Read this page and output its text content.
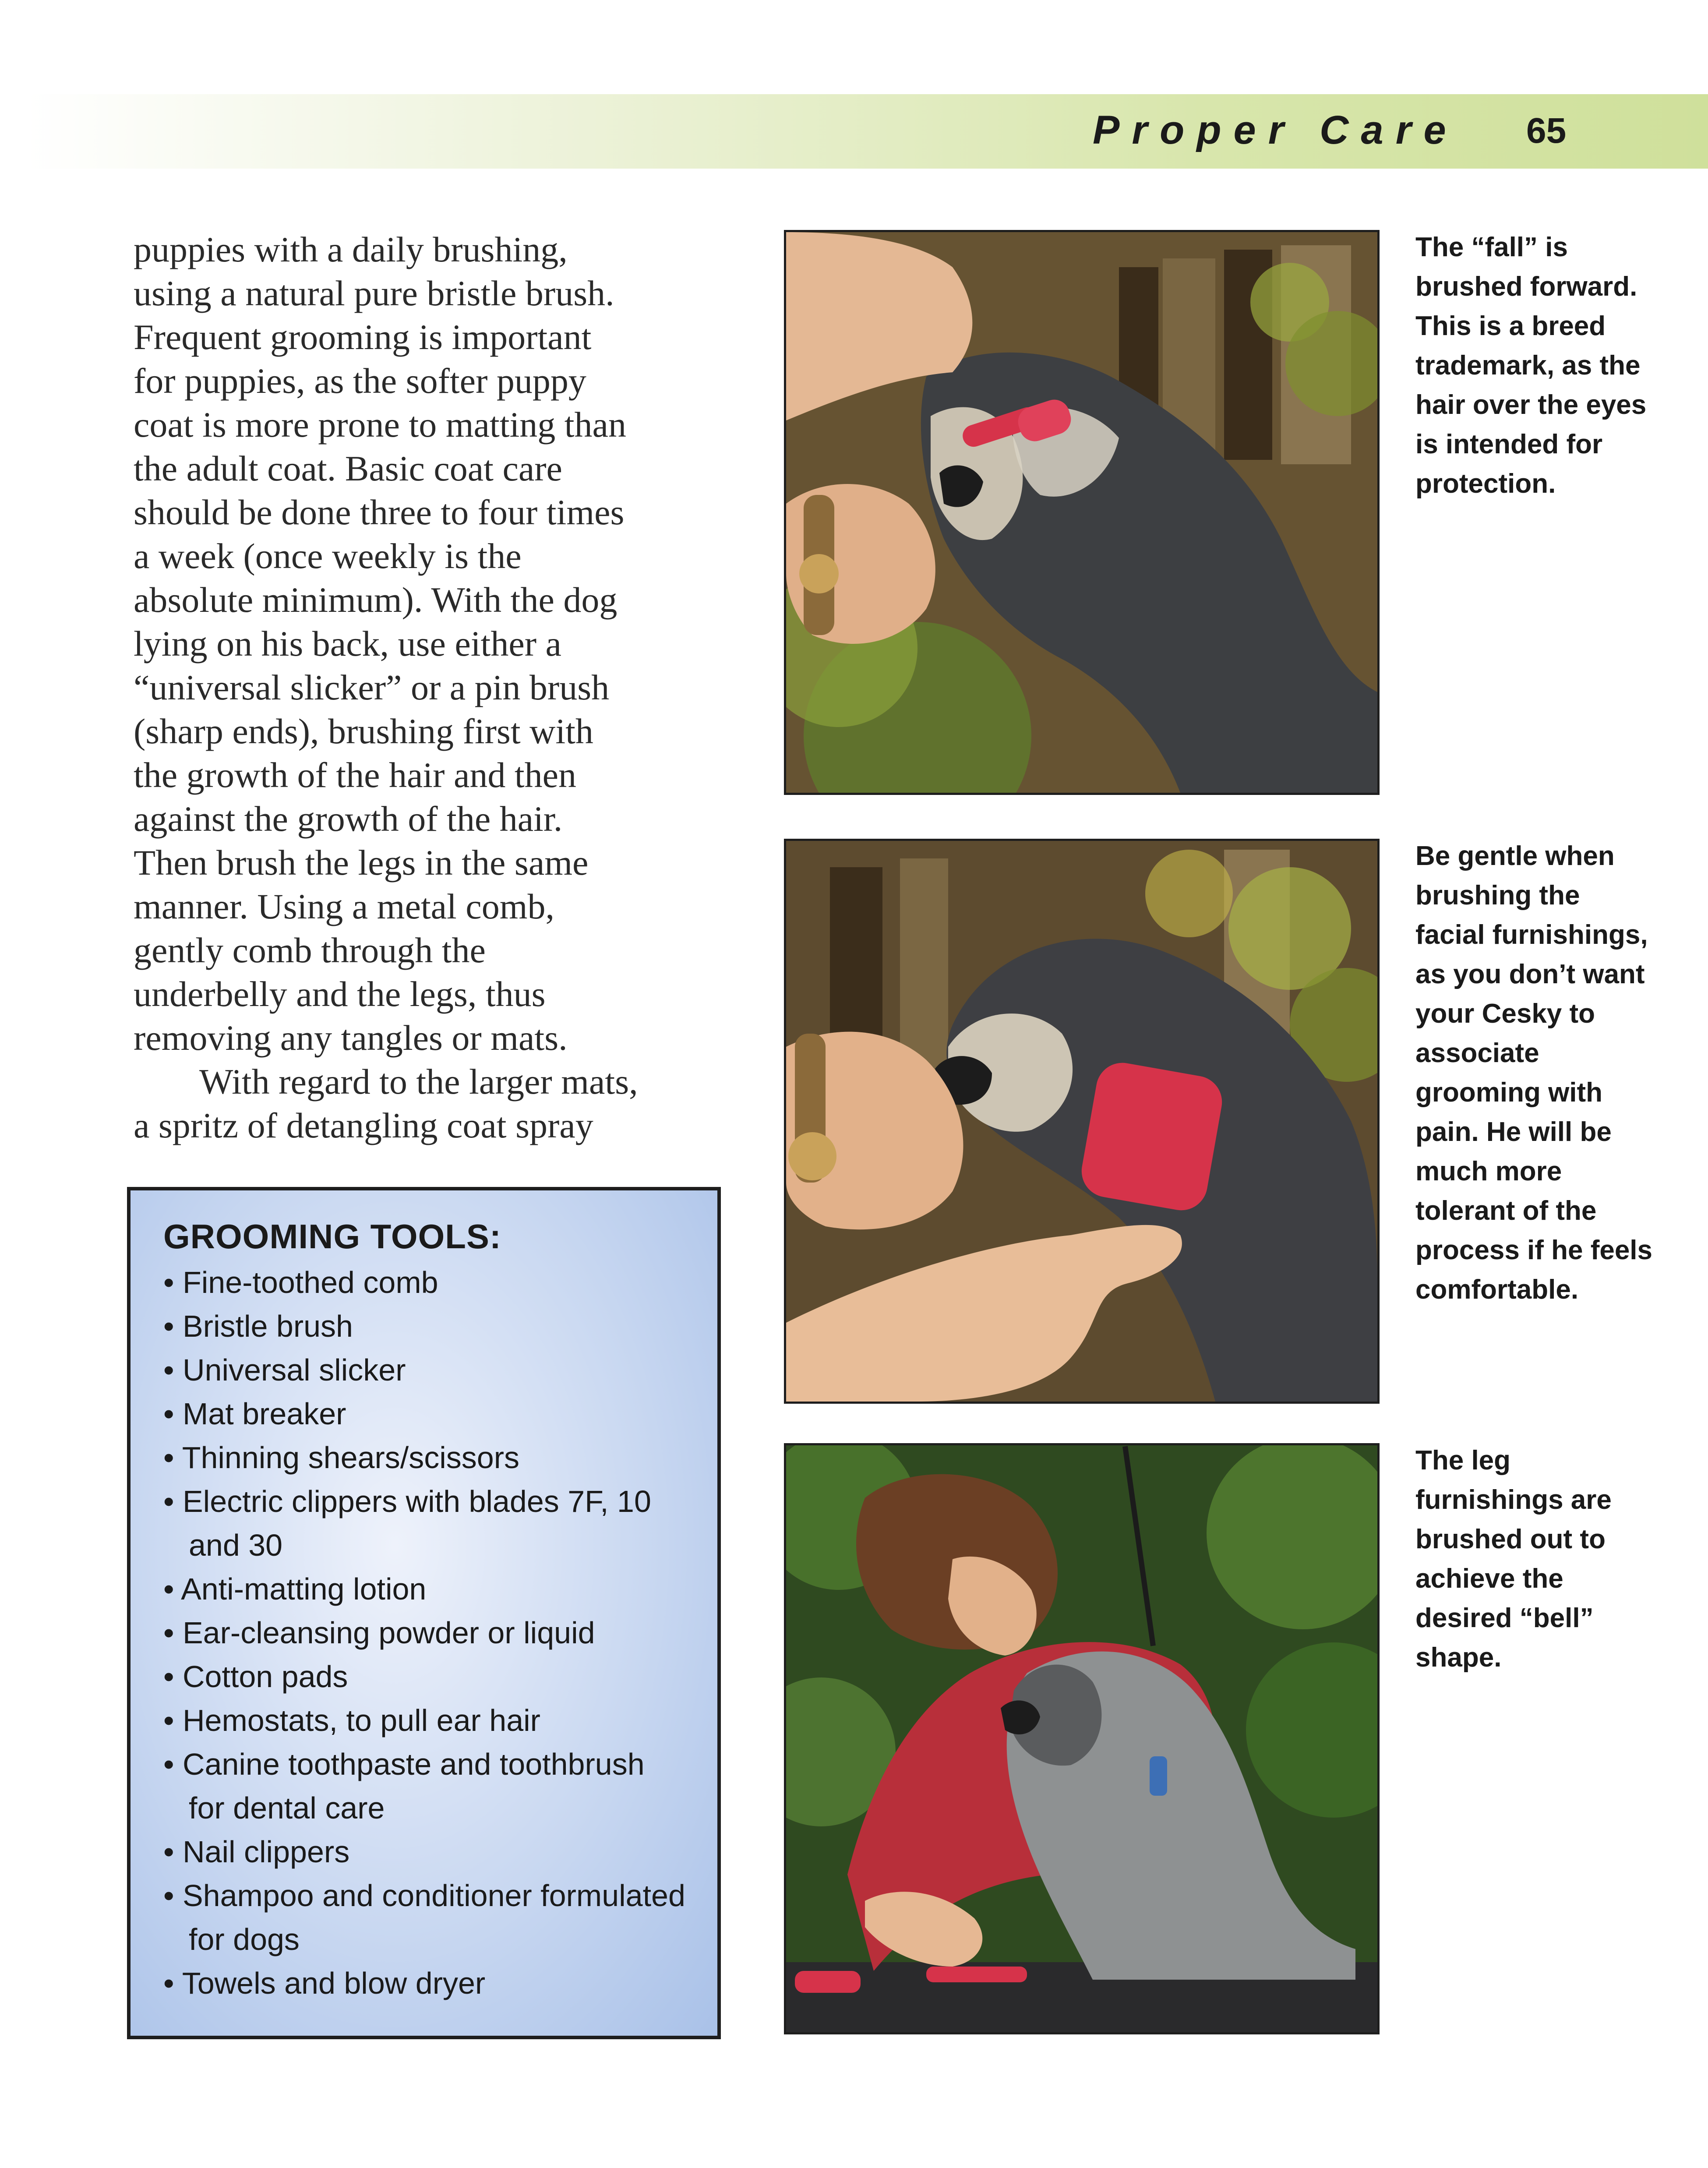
Proper Care 65
puppies with a daily brushing,
using a natural pure bristle brush.
Frequent grooming is important
for puppies, as the softer puppy
coat is more prone to matting than
the adult coat. Basic coat care
should be done three to four times
a week (once weekly is the
absolute minimum). With the dog
lying on his back, use either a
“universal slicker” or a pin brush
(sharp ends), brushing first with
the growth of the hair and then
against the growth of the hair.
Then brush the legs in the same
manner. Using a metal comb,
gently comb through the
underbelly and the legs, thus
removing any tangles or mats.
With regard to the larger mats,
a spritz of detangling coat spray
GROOMING TOOLS:
• Fine-toothed comb
• Bristle brush
• Universal slicker
• Mat breaker
• Thinning shears/scissors
• Electric clippers with blades 7F, 10
and 30
• Anti-matting lotion
• Ear-cleansing powder or liquid
• Cotton pads
• Hemostats, to pull ear hair
• Canine toothpaste and toothbrush
for dental care
• Nail clippers
• Shampoo and conditioner formulated
for dogs
• Towels and blow dryer
The “fall” is
brushed forward.
This is a breed
trademark, as the
hair over the eyes
is intended for
protection.
Be gentle when
brushing the
facial furnishings,
as you don’t want
your Cesky to
associate
grooming with
pain. He will be
much more
tolerant of the
process if he feels
comfortable.
The leg
furnishings are
brushed out to
achieve the
desired “bell”
shape.
